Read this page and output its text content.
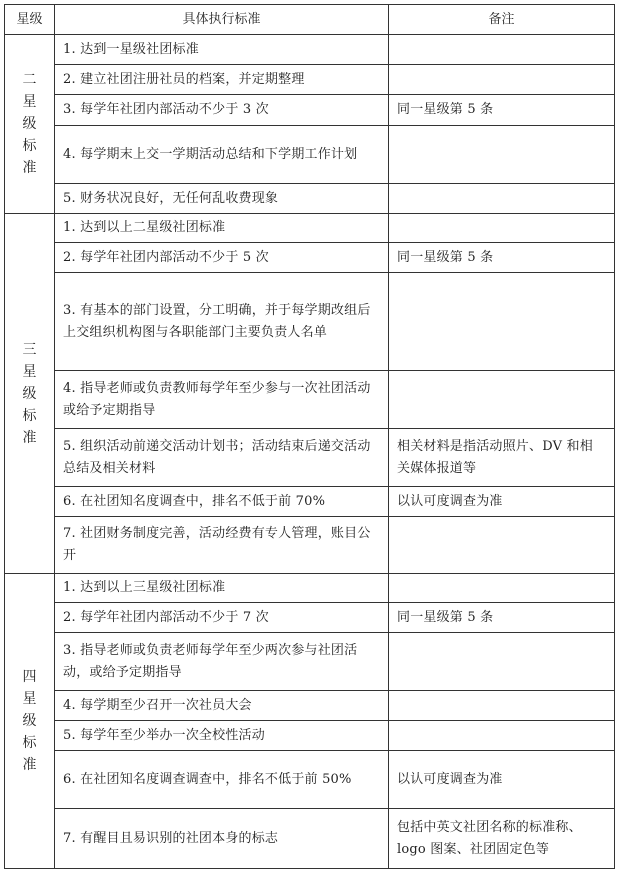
星级	具体执行标准	备注

二星级标准	1. 达到一星级社团标准	
	2. 建立社团注册社员的档案，并定期整理	
	3. 每学年社团内部活动不少于 3 次	同一星级第 5 条
	4. 每学期末上交一学期活动总结和下学期工作计划	
	5. 财务状况良好，无任何乱收费现象	

三星级标准	1. 达到以上二星级社团标准	
	2. 每学年社团内部活动不少于 5 次	同一星级第 5 条
	3. 有基本的部门设置，分工明确，并于每学期改组后上交组织机构图与各职能部门主要负责人名单	
	4. 指导老师或负责教师每学年至少参与一次社团活动或给予定期指导	
	5. 组织活动前递交活动计划书；活动结束后递交活动总结及相关材料	相关材料是指活动照片、DV 和相关媒体报道等
	6. 在社团知名度调查中，排名不低于前 70%	以认可度调查为准
	7. 社团财务制度完善，活动经费有专人管理，账目公开	

四星级标准	1. 达到以上三星级社团标准	
	2. 每学年社团内部活动不少于 7 次	同一星级第 5 条
	3. 指导老师或负责老师每学年至少两次参与社团活动，或给予定期指导	
	4. 每学期至少召开一次社员大会	
	5. 每学年至少举办一次全校性活动	
	6. 在社团知名度调查调查中，排名不低于前 50%	以认可度调查为准
	7. 有醒目且易识别的社团本身的标志	包括中英文社团名称的标准称、logo 图案、社团固定色等
